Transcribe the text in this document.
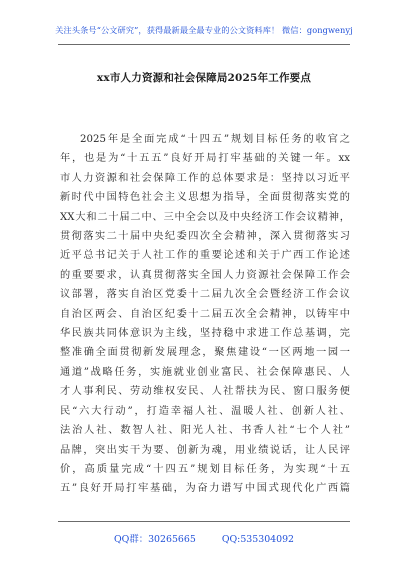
关注头条号“公文研究”，获得最新最全最专业的公文资料库！ 微信：gongwenyj
xx市人力资源和社会保障局2025年工作要点
2025年是全面完成“十四五”规划目标任务的收官之
年，也是为“十五五”良好开局打牢基础的关键一年。xx
市人力资源和社会保障工作的总体要求是：坚持以习近平
新时代中国特色社会主义思想为指导，全面贯彻落实党的
XX大和二十届二中、三中全会以及中央经济工作会议精神，
贯彻落实二十届中央纪委四次全会精神，深入贯彻落实习
近平总书记关于人社工作的重要论述和关于广西工作论述
的重要要求，认真贯彻落实全国人力资源社会保障工作会
议部署，落实自治区党委十二届九次全会暨经济工作会议
自治区两会、自治区纪委十二届五次全会精神，以铸牢中
华民族共同体意识为主线，坚持稳中求进工作总基调，完
整准确全面贯彻新发展理念，聚焦建设“一区两地一园一
通道”战略任务，实施就业创业富民、社会保障惠民、人
才人事利民、劳动维权安民、人社帮扶为民、窗口服务便
民“六大行动”，打造幸福人社、温暖人社、创新人社、
法治人社、数智人社、阳光人社、书香人社“七个人社”
品牌，突出实干为要、创新为魂，用业绩说话，让人民评
价，高质量完成“十四五”规划目标任务，为实现“十五
五”良好开局打牢基础，为奋力谱写中国式现代化广西篇
QQ群：30265665	QQ:535304092
